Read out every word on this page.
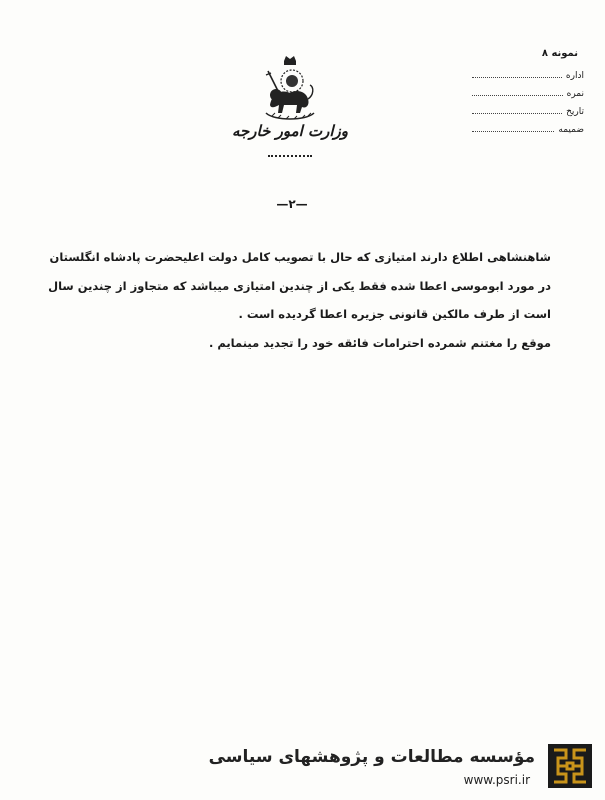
نمونه ۸
اداره
نمره
تاریخ
ضمیمه
وزارت امور خارجه
—۲—
شاهنشاهی اطلاع دارند امتیازی که حال با تصویب کامل دولت اعلیحضرت پادشاه انگلستان
در مورد ابوموسی اعطا شده فقط یکی از چندین امتیازی میباشد که متجاوز از چندین سال
است از طرف مالکین قانونی جزیره اعطا گردیده است .
موقع را مغتنم شمرده احترامات فائقه خود را تجدید مینمایم .
مؤسسه مطالعات و پژوهشهای سیاسی
www.psri.ir
